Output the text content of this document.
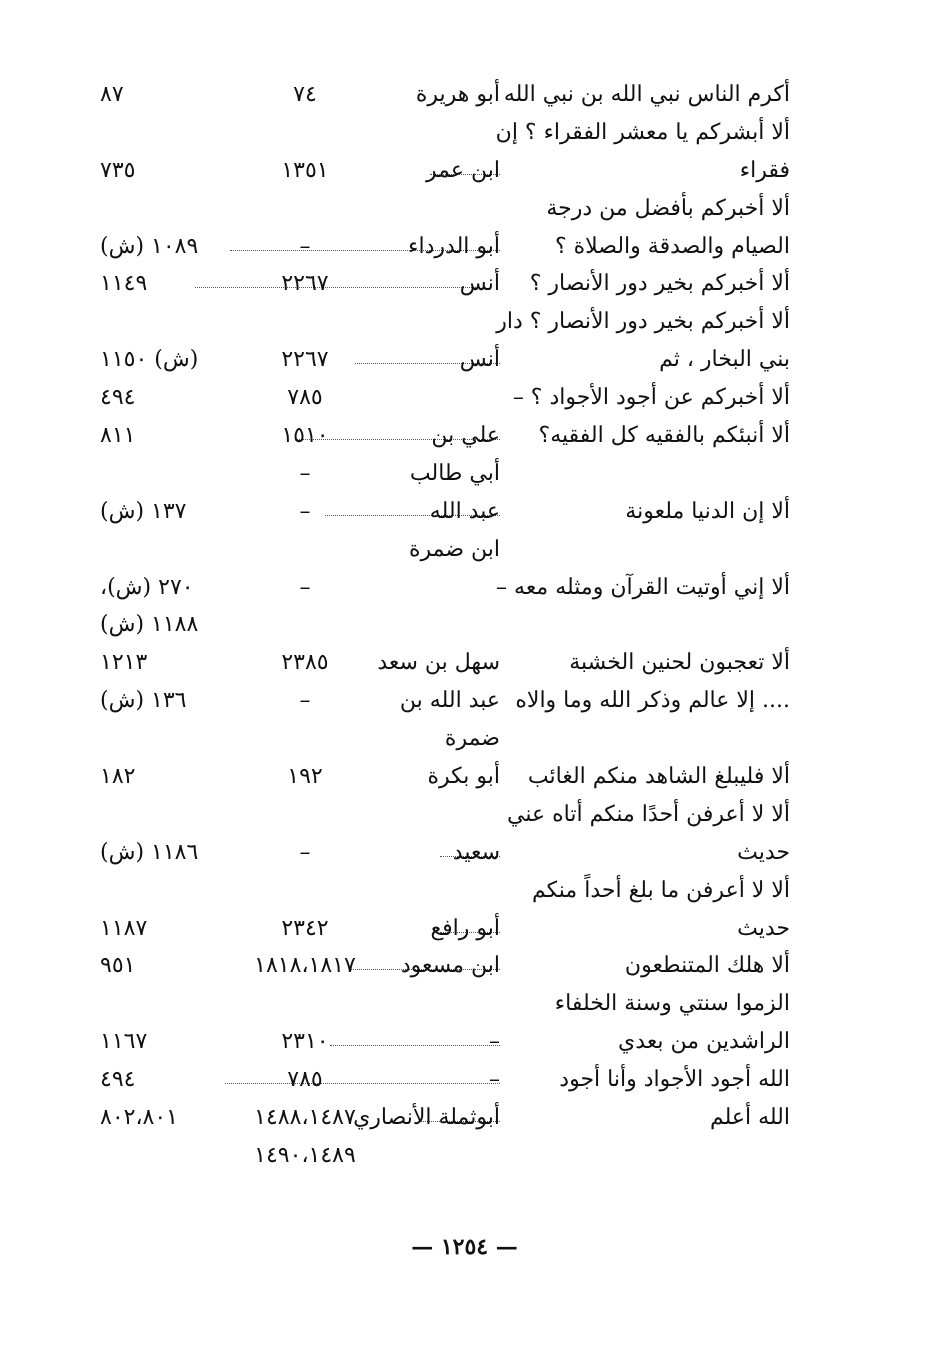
أكرم الناس نبي الله بن نبي الله
أبو هريرة
٧٤
٨٧
ألا أبشركم يا معشر الفقراء ؟ إن
فقراء
ابن عمر
١٣٥١
٧٣٥
ألا أخبركم بأفضل من درجة
الصيام والصدقة والصلاة ؟
أبو الدرداء
–
١٠٨٩ (ش)
ألا أخبركم بخير دور الأنصار ؟
أنس
٢٢٦٧
١١٤٩
ألا أخبركم بخير دور الأنصار ؟ دار
بني البخار ، ثم
أنس
٢٢٦٧
(ش) ١١٥٠
ألا أخبركم عن أجود الأجواد ؟ –
٧٨٥
٤٩٤
ألا أنبئكم بالفقيه كل الفقيه؟
علي بن
١٥١٠
٨١١
أبي طالب
–
ألا إن الدنيا ملعونة
عبد الله
–
١٣٧ (ش)
ابن ضمرة
ألا إني أوتيت القرآن ومثله معه –
–
٢٧٠ (ش)،
١١٨٨ (ش)
ألا تعجبون لحنين الخشبة
سهل بن سعد
٢٣٨٥
١٢١٣
.... إلا عالم وذكر الله وما والاه
عبد الله بن
–
١٣٦ (ش)
ضمرة
ألا فليبلغ الشاهد منكم الغائب
أبو بكرة
١٩٢
١٨٢
ألا لا أعرفن أحدًا منكم أتاه عني
حديث
سعيد
–
١١٨٦ (ش)
ألا لا أعرفن ما بلغ أحداً منكم
حديث
أبو رافع
٢٣٤٢
١١٨٧
ألا هلك المتنطعون
ابن مسعود
١٨١٨،١٨١٧
٩٥١
الزموا سنتي وسنة الخلفاء
الراشدين من بعدي
–
٢٣١٠
١١٦٧
الله أجود الأجواد وأنا أجود
–
٧٨٥
٤٩٤
الله أعلم
أبوثملة الأنصاري
١٤٨٨،١٤٨٧
٨٠٢،٨٠١
١٤٩٠،١٤٨٩
— ١٢٥٤ —
